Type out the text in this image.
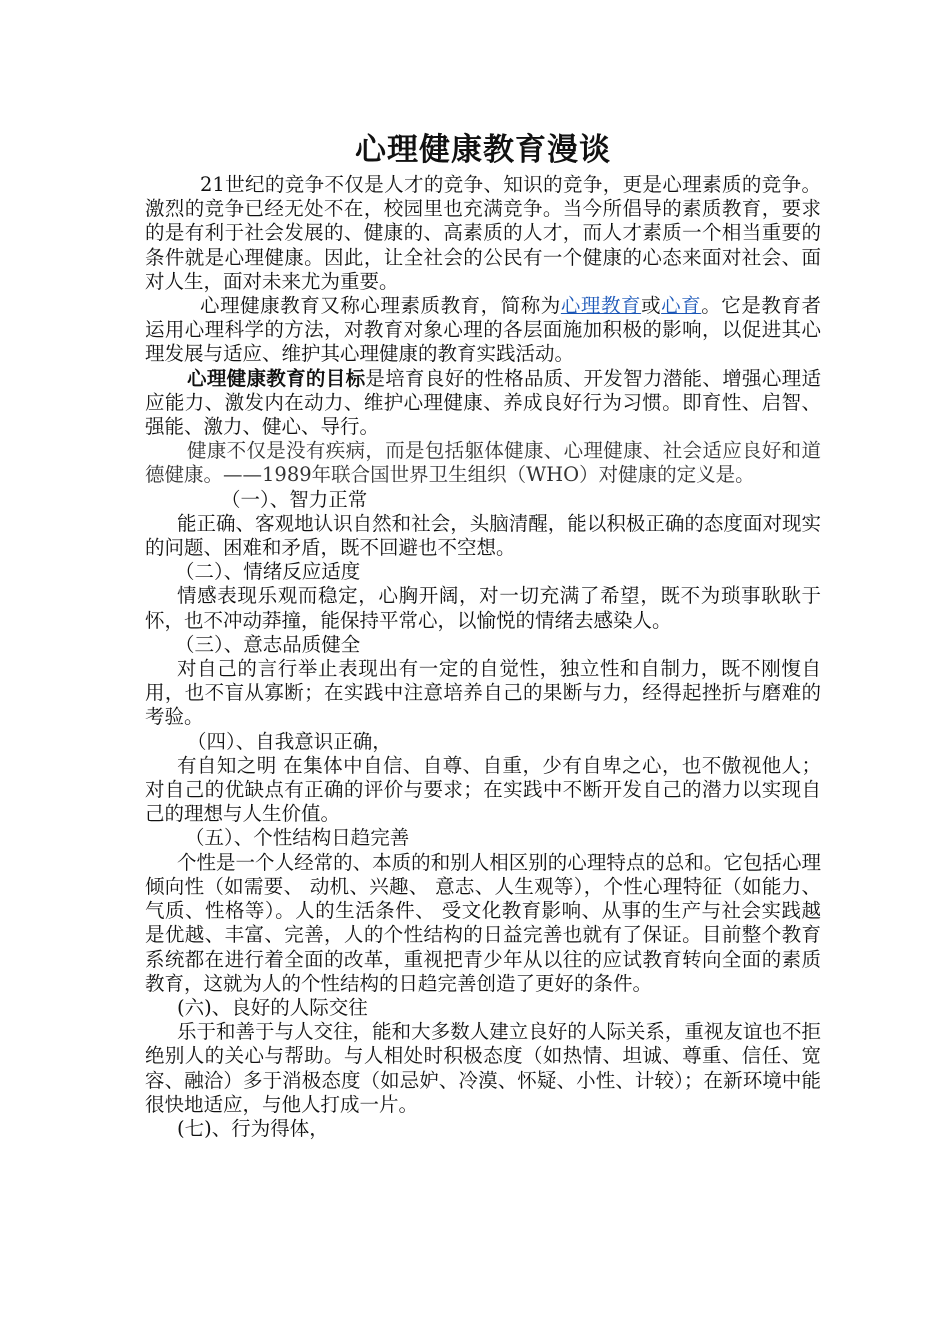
心理健康教育漫谈

21世纪的竞争不仅是人才的竞争、知识的竞争，更是心理素质的竞争。激烈的竞争已经无处不在，校园里也充满竞争。当今所倡导的素质教育，要求的是有利于社会发展的、健康的、高素质的人才，而人才素质一个相当重要的条件就是心理健康。因此，让全社会的公民有一个健康的心态来面对社会、面对人生，面对未来尤为重要。

心理健康教育又称心理素质教育，简称为心理教育或心育。它是教育者运用心理科学的方法，对教育对象心理的各层面施加积极的影响，以促进其心理发展与适应、维护其心理健康的教育实践活动。

心理健康教育的目标是培育良好的性格品质、开发智力潜能、增强心理适应能力、激发内在动力、维护心理健康、养成良好行为习惯。即育性、启智、强能、激力、健心、导行。

健康不仅是没有疾病，而是包括躯体健康、心理健康、社会适应良好和道德健康。——1989年联合国世界卫生组织（WHO）对健康的定义是。

（一）、智力正常

能正确、客观地认识自然和社会，头脑清醒，能以积极正确的态度面对现实的问题、困难和矛盾，既不回避也不空想。

（二）、情绪反应适度

情感表现乐观而稳定，心胸开阔，对一切充满了希望，既不为琐事耿耿于怀，也不冲动莽撞，能保持平常心，以愉悦的情绪去感染人。

（三）、意志品质健全

对自己的言行举止表现出有一定的自觉性，独立性和自制力，既不刚愎自用，也不盲从寡断；在实践中注意培养自己的果断与力，经得起挫折与磨难的考验。

（四）、自我意识正确，

有自知之明 在集体中自信、自尊、自重，少有自卑之心，也不傲视他人；对自己的优缺点有正确的评价与要求；在实践中不断开发自己的潜力以实现自己的理想与人生价值。

（五）、个性结构日趋完善

个性是一个人经常的、本质的和别人相区别的心理特点的总和。它包括心理倾向性（如需要、 动机、兴趣、 意志、人生观等），个性心理特征（如能力、气质、性格等）。人的生活条件、 受文化教育影响、从事的生产与社会实践越是优越、丰富、完善，人的个性结构的日益完善也就有了保证。目前整个教育系统都在进行着全面的改革，重视把青少年从以往的应试教育转向全面的素质教育，这就为人的个性结构的日趋完善创造了更好的条件。

(六)、良好的人际交往

乐于和善于与人交往，能和大多数人建立良好的人际关系，重视友谊也不拒绝别人的关心与帮助。与人相处时积极态度（如热情、坦诚、尊重、信任、宽容、融洽）多于消极态度（如忌妒、冷漠、怀疑、小性、计较）；在新环境中能很快地适应，与他人打成一片。

(七)、行为得体，
